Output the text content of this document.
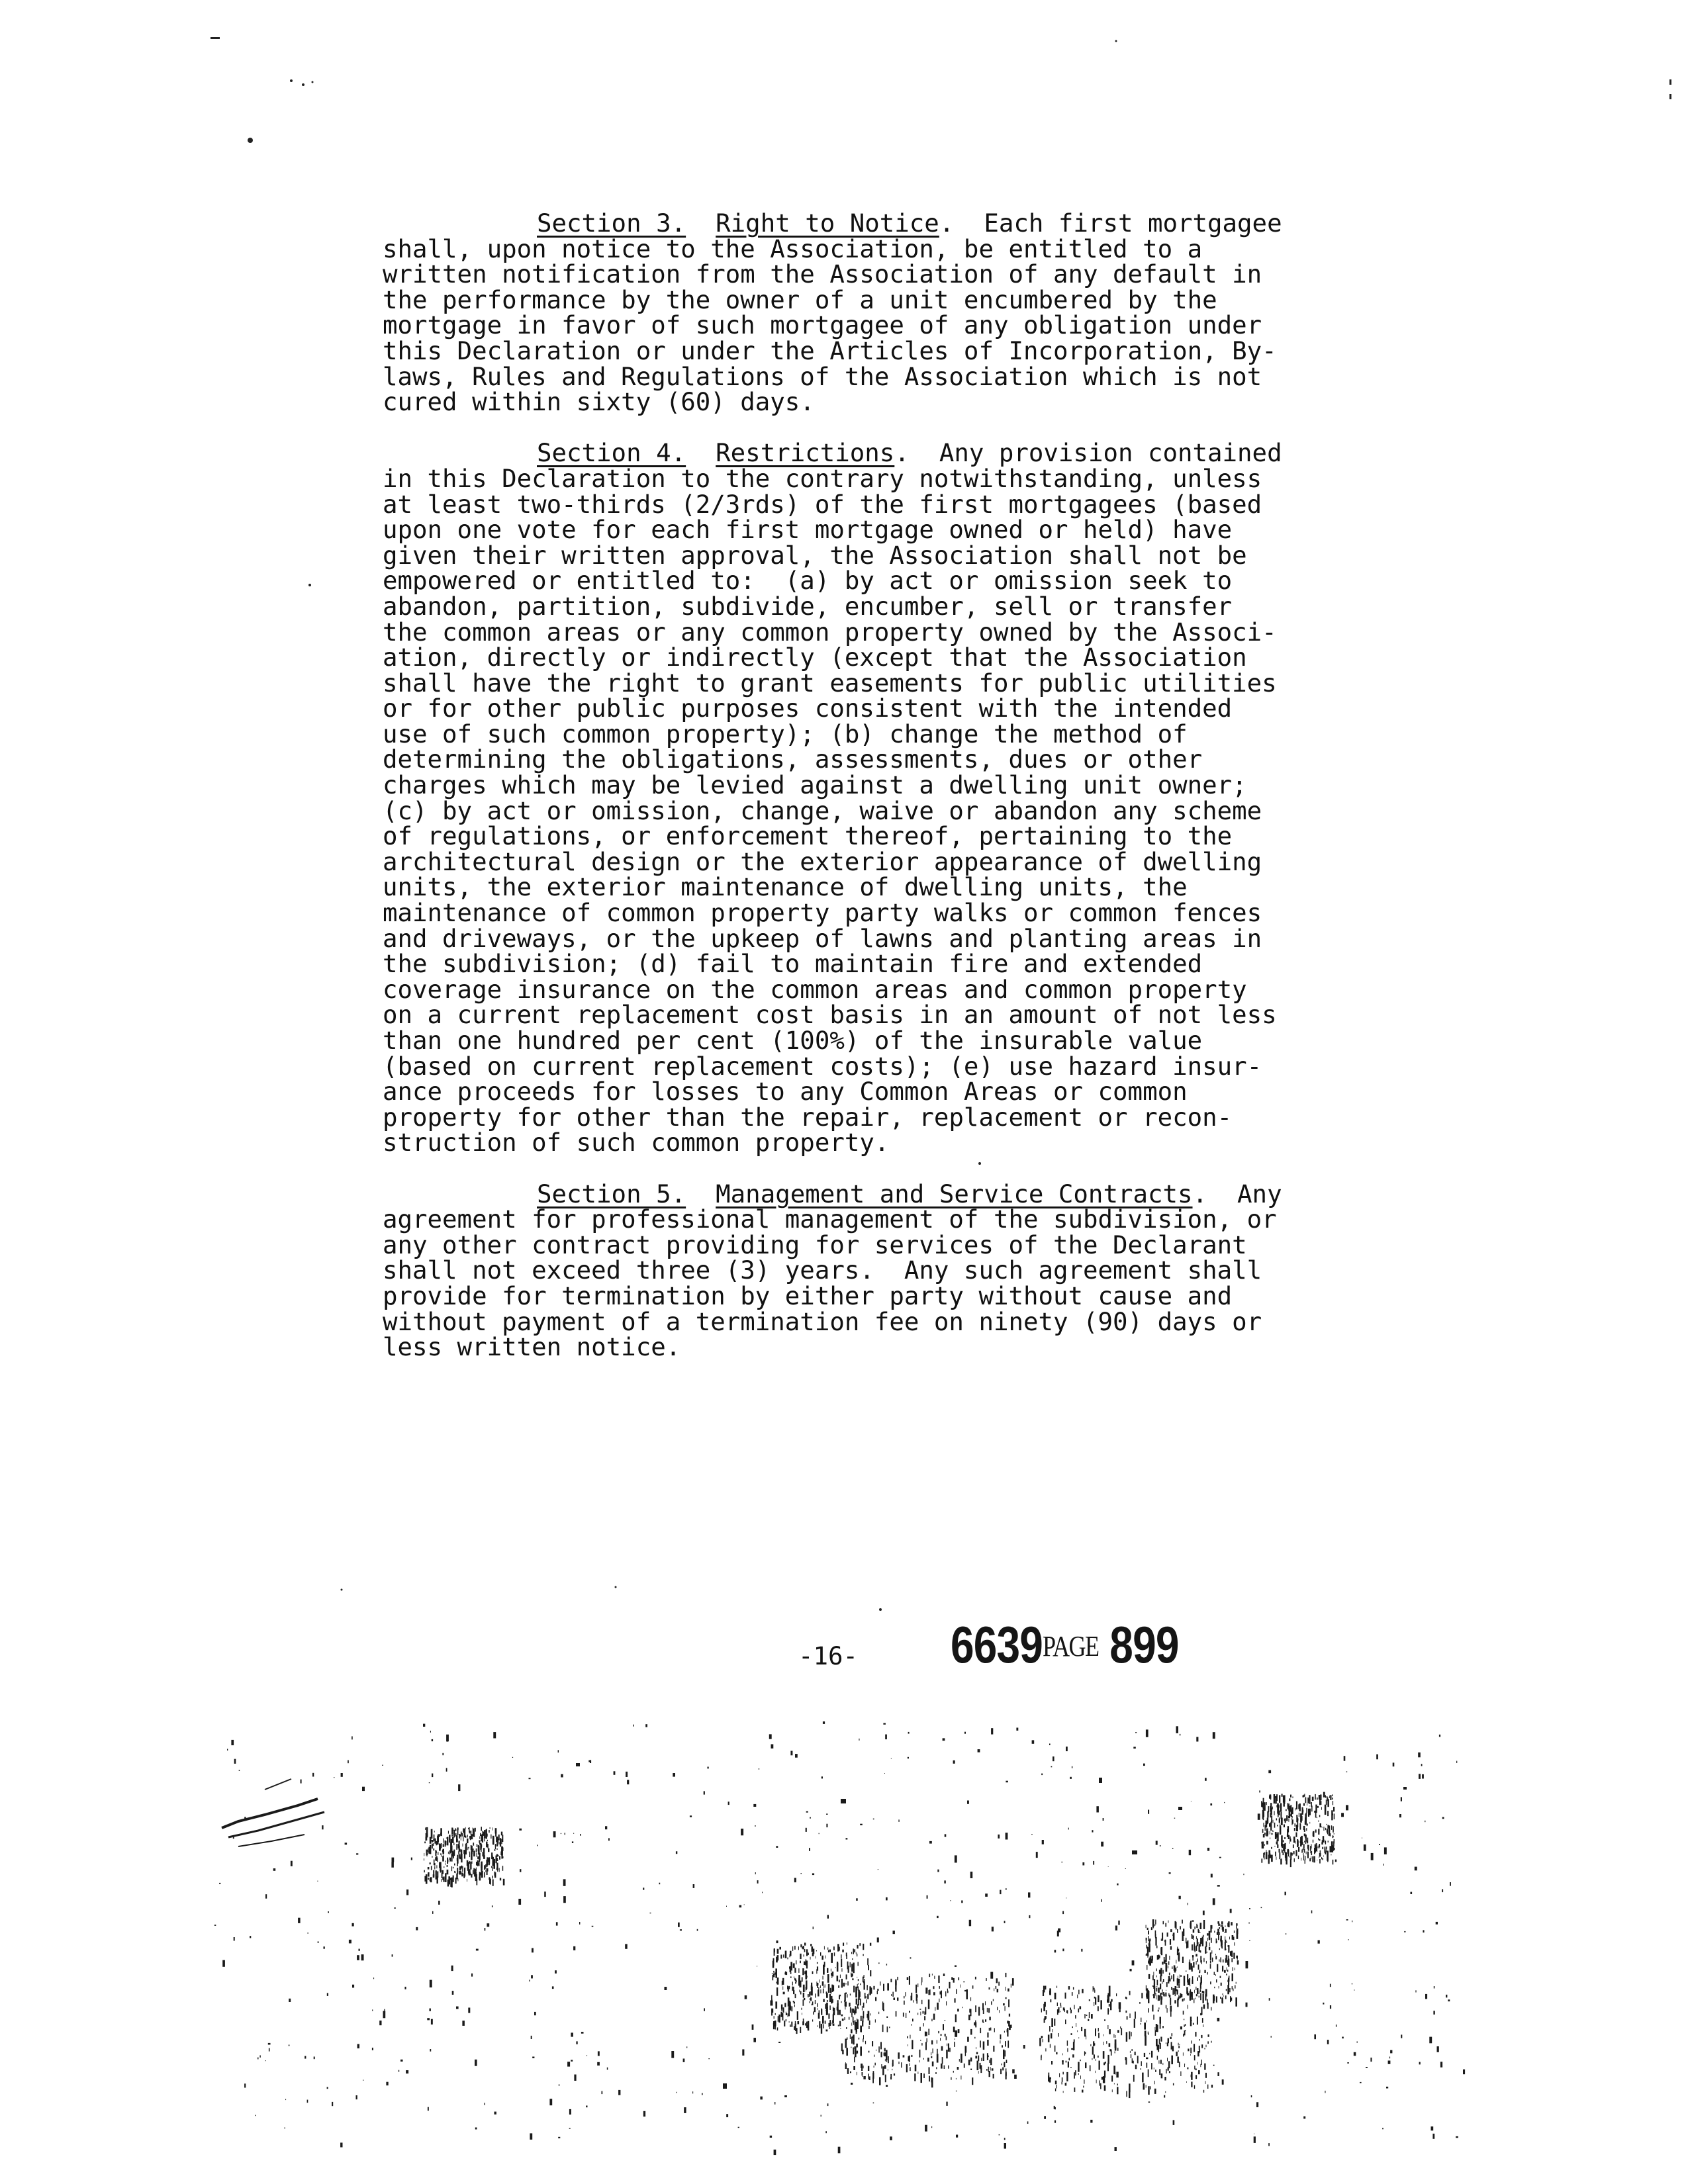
Section 3. Right to Notice.  Each first mortgagee
shall, upon notice to the Association, be entitled to a
written notification from the Association of any default in
the performance by the owner of a unit encumbered by the
mortgage in favor of such mortgagee of any obligation under
this Declaration or under the Articles of Incorporation, By-
laws, Rules and Regulations of the Association which is not
cured within sixty (60) days.
Section 4. Restrictions.  Any provision contained
in this Declaration to the contrary notwithstanding, unless
at least two-thirds (2/3rds) of the first mortgagees (based
upon one vote for each first mortgage owned or held) have
given their written approval, the Association shall not be
empowered or entitled to:  (a) by act or omission seek to
abandon, partition, subdivide, encumber, sell or transfer
the common areas or any common property owned by the Associ-
ation, directly or indirectly (except that the Association
shall have the right to grant easements for public utilities
or for other public purposes consistent with the intended
use of such common property); (b) change the method of
determining the obligations, assessments, dues or other
charges which may be levied against a dwelling unit owner;
(c) by act or omission, change, waive or abandon any scheme
of regulations, or enforcement thereof, pertaining to the
architectural design or the exterior appearance of dwelling
units, the exterior maintenance of dwelling units, the
maintenance of common property party walks or common fences
and driveways, or the upkeep of lawns and planting areas in
the subdivision; (d) fail to maintain fire and extended
coverage insurance on the common areas and common property
on a current replacement cost basis in an amount of not less
than one hundred per cent (100%) of the insurable value
(based on current replacement costs); (e) use hazard insur-
ance proceeds for losses to any Common Areas or common
property for other than the repair, replacement or recon-
struction of such common property.
Section 5. Management and Service Contracts.  Any
agreement for professional management of the subdivision, or
any other contract providing for services of the Declarant
shall not exceed three (3) years.  Any such agreement shall
provide for termination by either party without cause and
without payment of a termination fee on ninety (90) days or
less written notice.
-16- 6639PAGE 899
